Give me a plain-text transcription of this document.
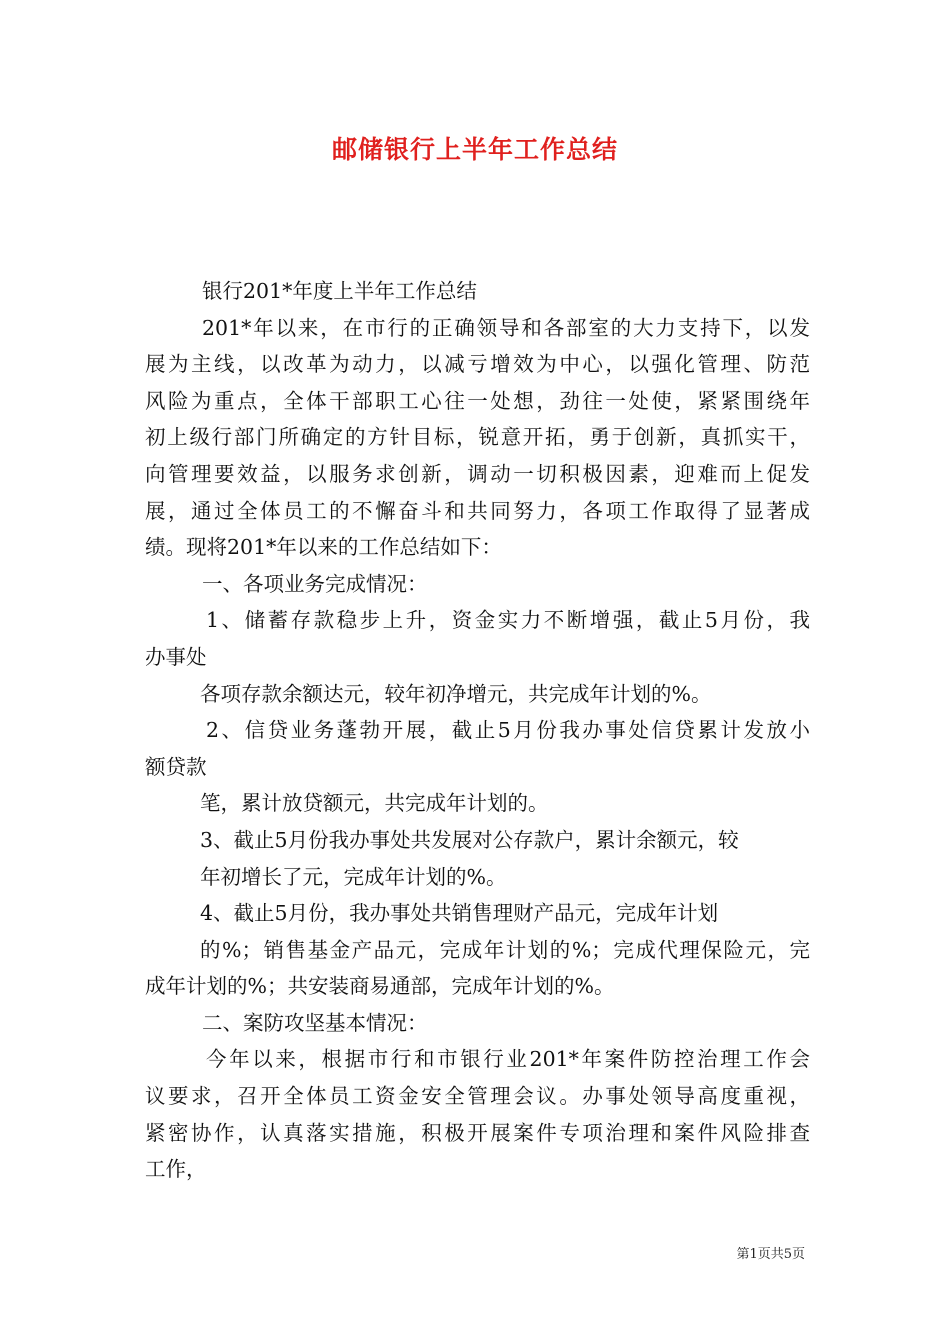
邮储银行上半年工作总结
银行201*年度上半年工作总结
201*年以来，在市行的正确领导和各部室的大力支持下，以发
展为主线，以改革为动力，以减亏增效为中心，以强化管理、防范
风险为重点，全体干部职工心往一处想，劲往一处使，紧紧围绕年
初上级行部门所确定的方针目标，锐意开拓，勇于创新，真抓实干，
向管理要效益，以服务求创新，调动一切积极因素，迎难而上促发
展，通过全体员工的不懈奋斗和共同努力，各项工作取得了显著成
绩。现将201*年以来的工作总结如下：
一、各项业务完成情况：
1、储蓄存款稳步上升，资金实力不断增强，截止5月份，我
办事处
各项存款余额达元，较年初净增元，共完成年计划的%。
2、信贷业务蓬勃开展，截止5月份我办事处信贷累计发放小
额贷款
笔，累计放贷额元，共完成年计划的。
3、截止5月份我办事处共发展对公存款户，累计余额元，较
年初增长了元，完成年计划的%。
4、截止5月份，我办事处共销售理财产品元，完成年计划
的%；销售基金产品元，完成年计划的%；完成代理保险元，完
成年计划的%；共安装商易通部，完成年计划的%。
二、案防攻坚基本情况：
今年以来，根据市行和市银行业201*年案件防控治理工作会
议要求，召开全体员工资金安全管理会议。办事处领导高度重视，
紧密协作，认真落实措施，积极开展案件专项治理和案件风险排查
工作，
第1页共5页
